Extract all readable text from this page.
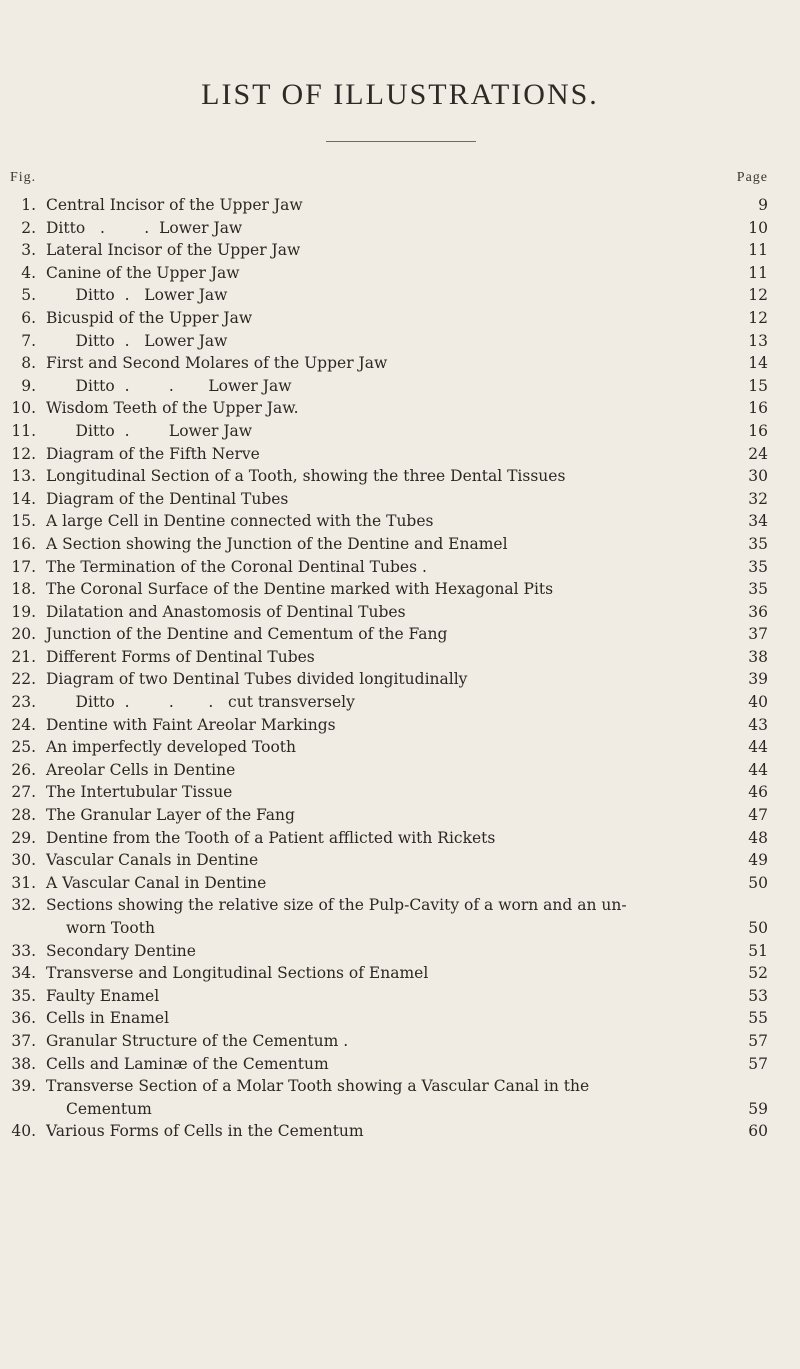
LIST OF ILLUSTRATIONS.
Fig.	Page
1. Central Incisor of the Upper Jaw	9
2. Ditto   .        .  Lower Jaw	10
3. Lateral Incisor of the Upper Jaw	11
4. Canine of the Upper Jaw	11
5. Ditto  .   Lower Jaw	12
6. Bicuspid of the Upper Jaw	12
7. Ditto  .   Lower Jaw	13
8. First and Second Molares of the Upper Jaw	14
9. Ditto  .        .       Lower Jaw	15
10. Wisdom Teeth of the Upper Jaw.	16
11. Ditto  .        Lower Jaw	16
12. Diagram of the Fifth Nerve	24
13. Longitudinal Section of a Tooth, showing the three Dental Tissues	30
14. Diagram of the Dentinal Tubes	32
15. A large Cell in Dentine connected with the Tubes	34
16. A Section showing the Junction of the Dentine and Enamel	35
17. The Termination of the Coronal Dentinal Tubes .	35
18. The Coronal Surface of the Dentine marked with Hexagonal Pits	35
19. Dilatation and Anastomosis of Dentinal Tubes	36
20. Junction of the Dentine and Cementum of the Fang	37
21. Different Forms of Dentinal Tubes	38
22. Diagram of two Dentinal Tubes divided longitudinally	39
23. Ditto  .        .       .   cut transversely	40
24. Dentine with Faint Areolar Markings	43
25. An imperfectly developed Tooth	44
26. Areolar Cells in Dentine	44
27. The Intertubular Tissue	46
28. The Granular Layer of the Fang	47
29. Dentine from the Tooth of a Patient afflicted with Rickets	48
30. Vascular Canals in Dentine	49
31. A Vascular Canal in Dentine	50
32. Sections showing the relative size of the Pulp-Cavity of a worn and an un-
worn Tooth	50
33. Secondary Dentine	51
34. Transverse and Longitudinal Sections of Enamel	52
35. Faulty Enamel	53
36. Cells in Enamel	55
37. Granular Structure of the Cementum .	57
38. Cells and Laminæ of the Cementum	57
39. Transverse Section of a Molar Tooth showing a Vascular Canal in the
Cementum	59
40. Various Forms of Cells in the Cementum	60
